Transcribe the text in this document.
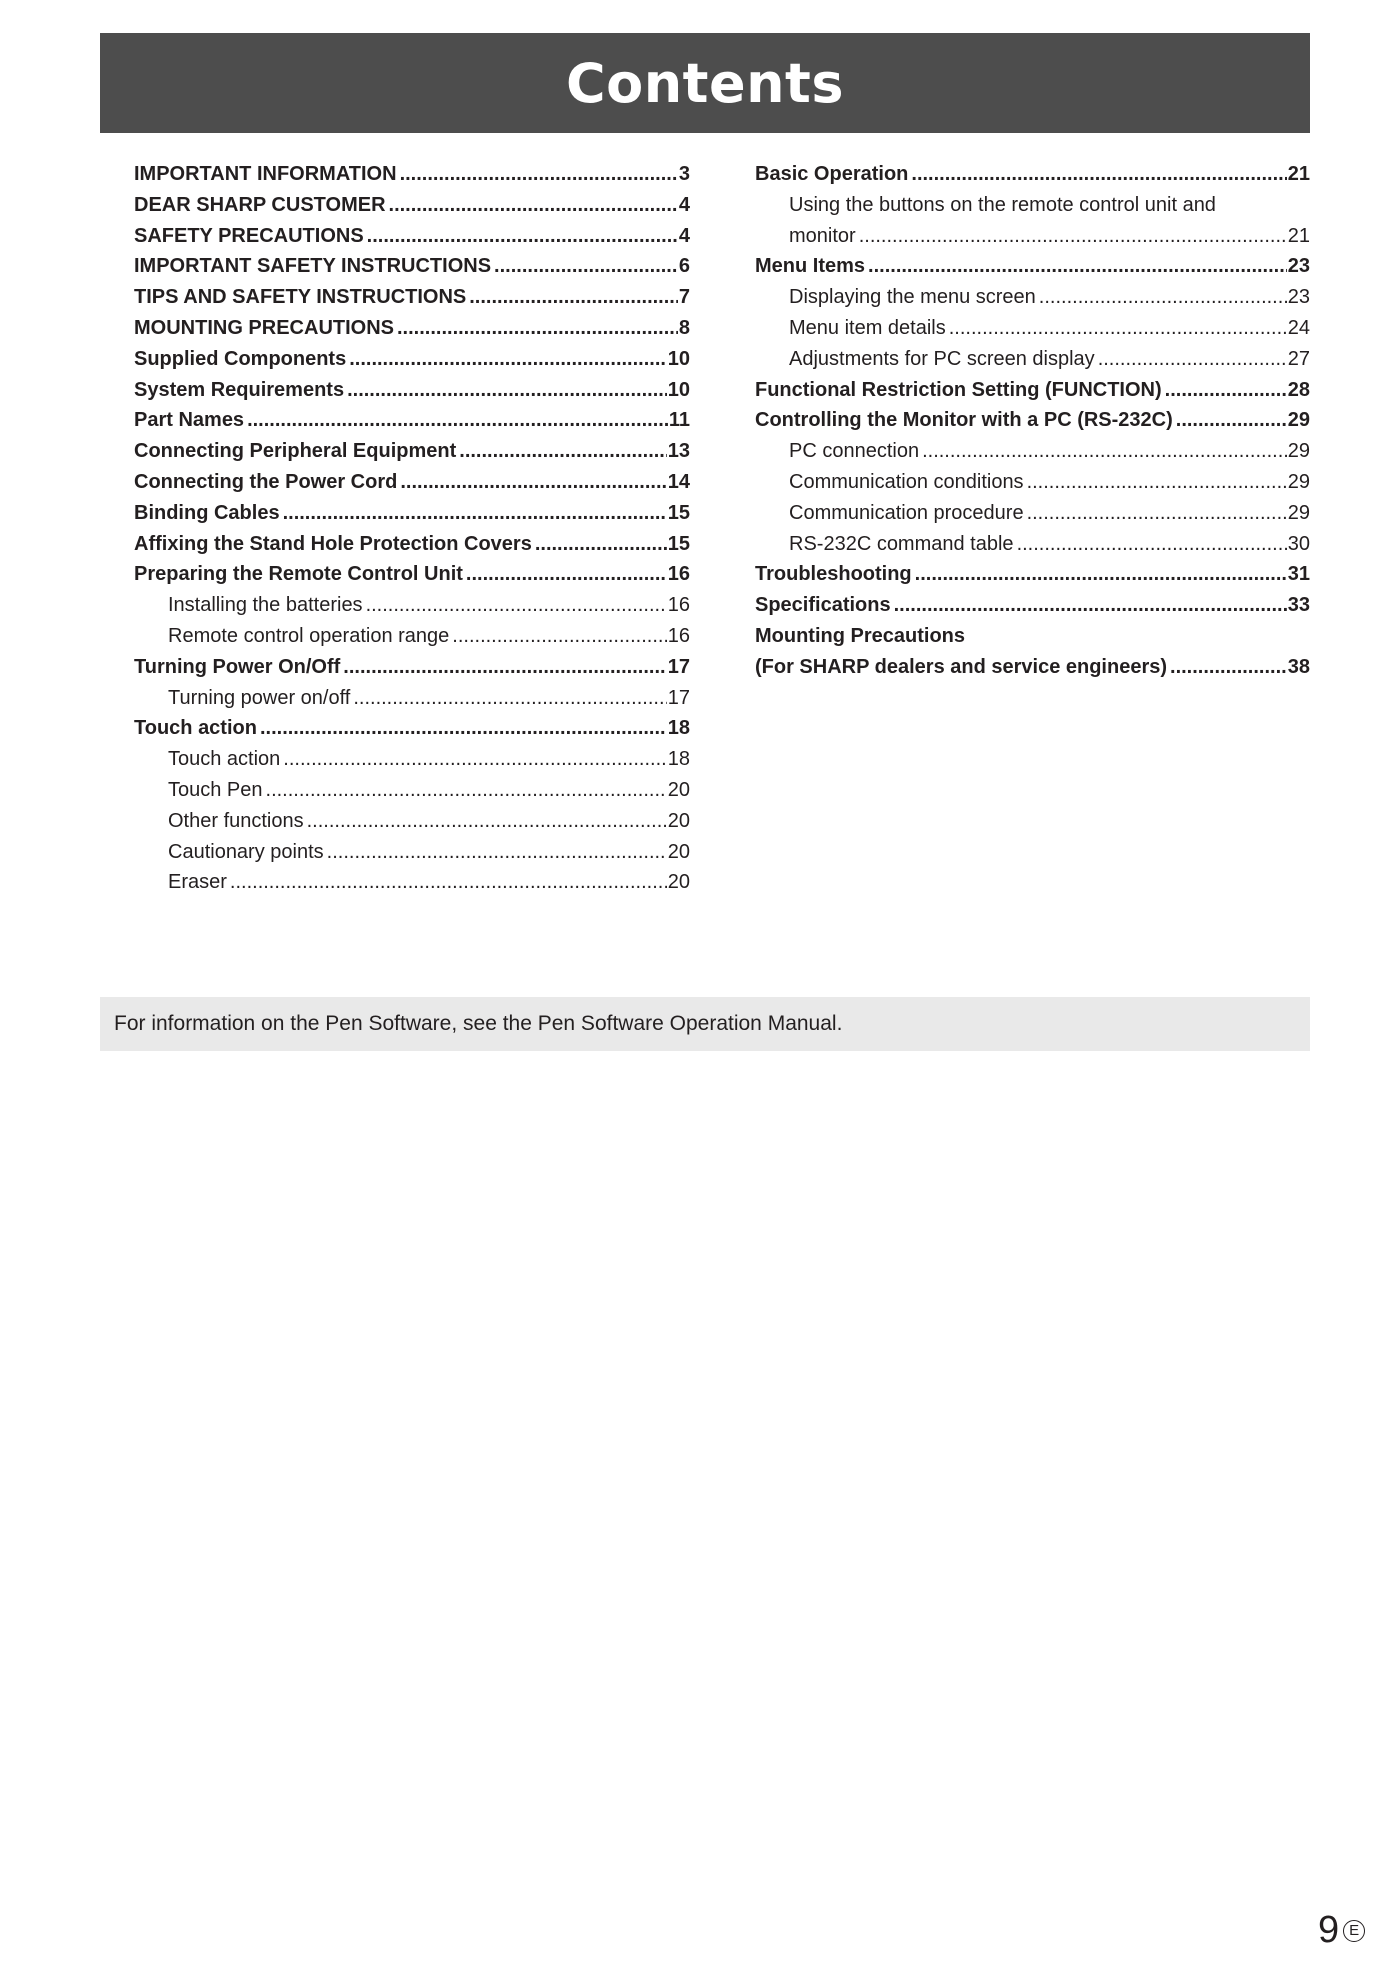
Contents
IMPORTANT INFORMATION .....	3
DEAR SHARP CUSTOMER .....	4
SAFETY PRECAUTIONS .....	4
IMPORTANT SAFETY INSTRUCTIONS .....	6
TIPS AND SAFETY INSTRUCTIONS .....	7
MOUNTING PRECAUTIONS .....	8
Supplied Components .....	10
System Requirements .....	10
Part Names .....	11
Connecting Peripheral Equipment .....	13
Connecting the Power Cord .....	14
Binding Cables .....	15
Affixing the Stand Hole Protection Covers .....	15
Preparing the Remote Control Unit .....	16
Installing the batteries .....	16
Remote control operation range .....	16
Turning Power On/Off .....	17
Turning power on/off .....	17
Touch action .....	18
Touch action .....	18
Touch Pen .....	20
Other functions .....	20
Cautionary points .....	20
Eraser .....	20
Basic Operation .....	21
Using the buttons on the remote control unit and
monitor .....	21
Menu Items .....	23
Displaying the menu screen .....	23
Menu item details .....	24
Adjustments for PC screen display .....	27
Functional Restriction Setting (FUNCTION) .....	28
Controlling the Monitor with a PC (RS-232C) .....	29
PC connection .....	29
Communication conditions .....	29
Communication procedure .....	29
RS-232C command table .....	30
Troubleshooting .....	31
Specifications .....	33
Mounting Precautions
(For SHARP dealers and service engineers) .....	38
For information on the Pen Software, see the Pen Software Operation Manual.
9 E
